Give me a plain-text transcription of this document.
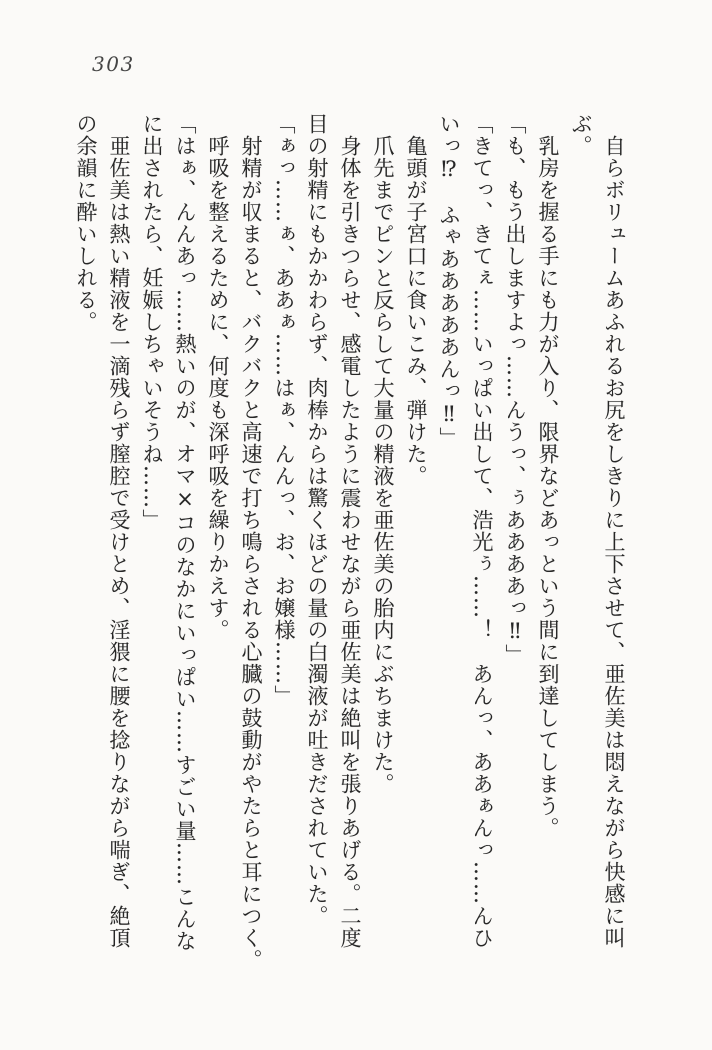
303
　自らボリュームあふれるお尻をしきりに上下させて、亜佐美は悶えながら快感に叫
ぶ。
　乳房を握る手にも力が入り、限界などあっという間に到達してしまう。
「も、もう出しますよっ……んうっ、ぅああああっ‼」
「きてっ、きてぇ……いっぱい出して、浩光ぅ……！　あんっ、ああぁんっ……んひ
いっ⁉　ふゃあああああんっ‼」
　亀頭が子宮口に食いこみ、弾けた。
　爪先までピンと反らして大量の精液を亜佐美の胎内にぶちまけた。
　身体を引きつらせ、感電したように震わせながら亜佐美は絶叫を張りあげる。二度
目の射精にもかかわらず、肉棒からは驚くほどの量の白濁液が吐きだされていた。
「ぁっ……ぁ、ああぁ……はぁ、んんっ、お、お嬢様……」
　射精が収まると、バクバクと高速で打ち鳴らされる心臓の鼓動がやたらと耳につく。
　呼吸を整えるために、何度も深呼吸を繰りかえす。
「はぁ、んんあっ……熱いのが、オマ×コのなかにいっぱい……すごい量……こんな
に出されたら、妊娠しちゃいそうね……」
　亜佐美は熱い精液を一滴残らず膣腔で受けとめ、淫猥に腰を捻りながら喘ぎ、絶頂
の余韻に酔いしれる。
